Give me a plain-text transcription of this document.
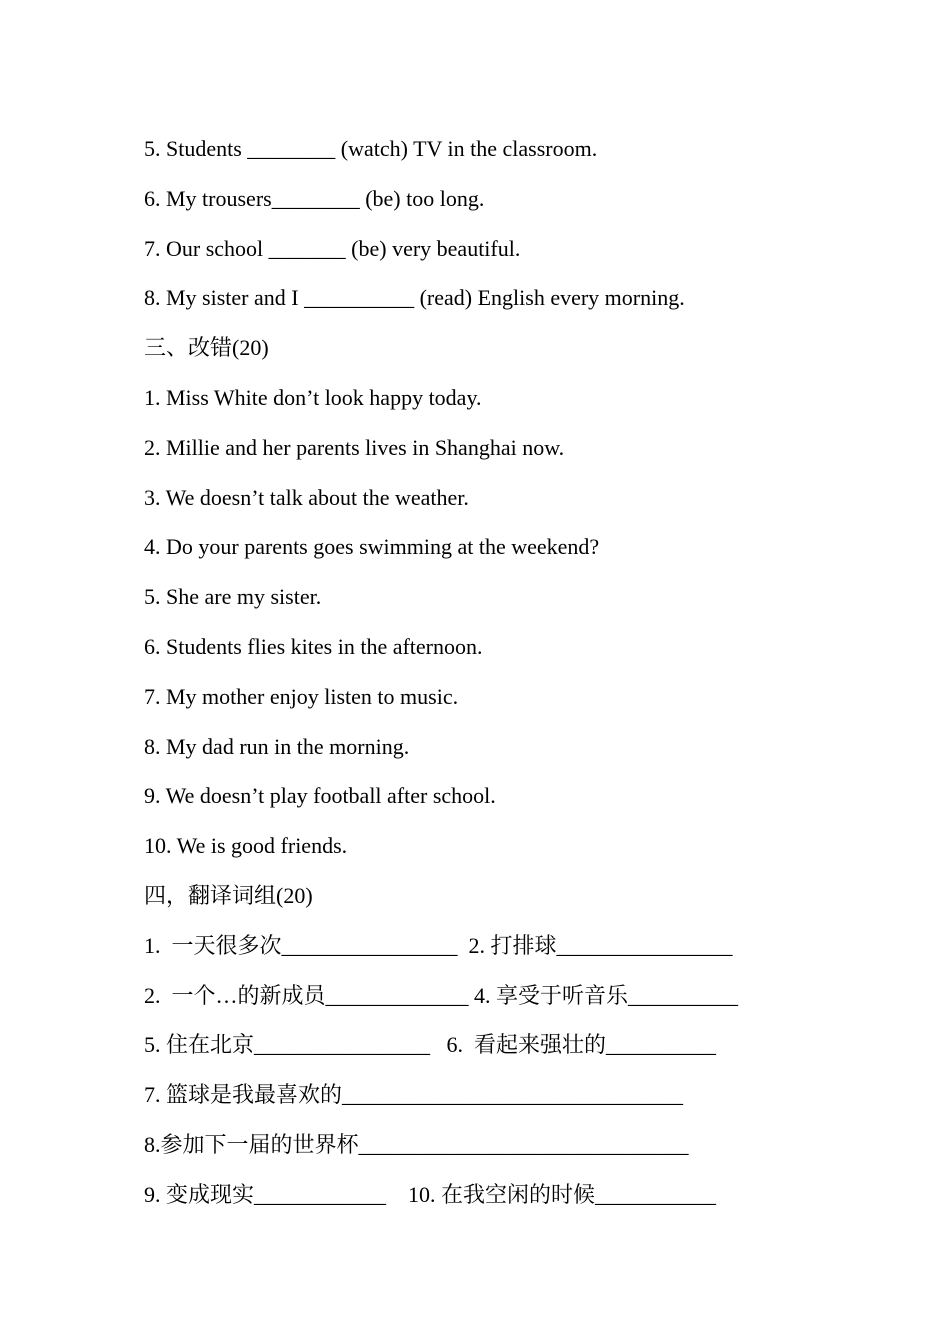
5. Students ________ (watch) TV in the classroom.
6. My trousers________ (be) too long.
7. Our school _______ (be) very beautiful.
8. My sister and I __________ (read) English every morning.
三、改错(20)
1. Miss White don’t look happy today.
2. Millie and her parents lives in Shanghai now.
3. We doesn’t talk about the weather.
4. Do your parents goes swimming at the weekend?
5. She are my sister.
6. Students flies kites in the afternoon.
7. My mother enjoy listen to music.
8. My dad run in the morning.
9. We doesn’t play football after school.
10. We is good friends.
四，翻译词组(20)
1.  一天很多次________________  2. 打排球________________
2.  一个…的新成员_____________ 4. 享受于听音乐__________
5. 住在北京________________   6.  看起来强壮的__________
7. 篮球是我最喜欢的_______________________________
8.参加下一届的世界杯______________________________
9. 变成现实____________    10. 在我空闲的时候___________
